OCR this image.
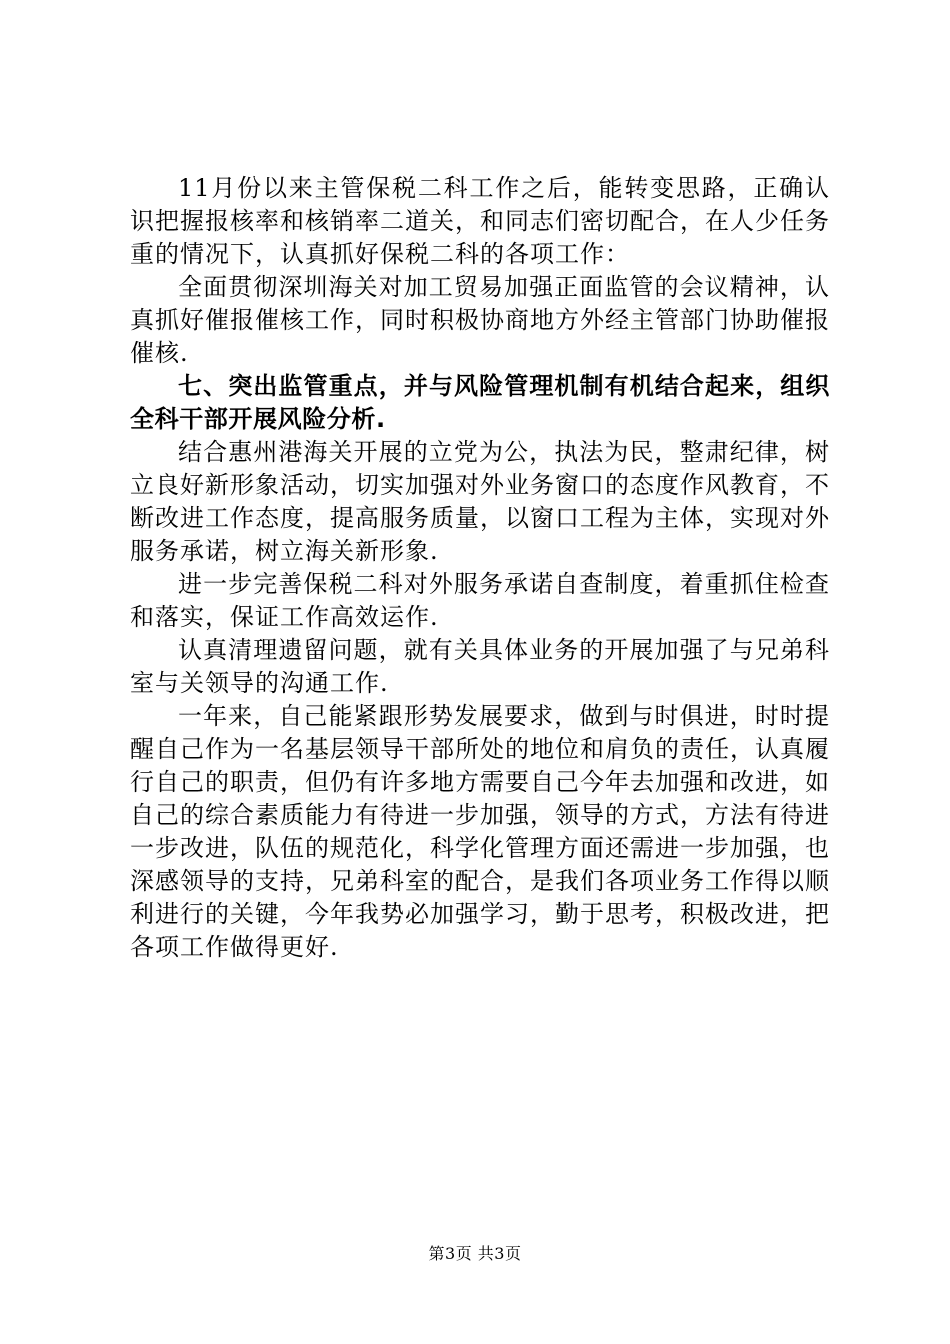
11月份以来主管保税二科工作之后，能转变思路，正确认识把握报核率和核销率二道关，和同志们密切配合，在人少任务重的情况下，认真抓好保税二科的各项工作：

全面贯彻深圳海关对加工贸易加强正面监管的会议精神，认真抓好催报催核工作，同时积极协商地方外经主管部门协助催报催核.

七、突出监管重点，并与风险管理机制有机结合起来，组织全科干部开展风险分析.

结合惠州港海关开展的立党为公，执法为民，整肃纪律，树立良好新形象活动，切实加强对外业务窗口的态度作风教育，不断改进工作态度，提高服务质量，以窗口工程为主体，实现对外服务承诺，树立海关新形象.

进一步完善保税二科对外服务承诺自查制度，着重抓住检查和落实，保证工作高效运作.

认真清理遗留问题，就有关具体业务的开展加强了与兄弟科室与关领导的沟通工作.

一年来，自己能紧跟形势发展要求，做到与时俱进，时时提醒自己作为一名基层领导干部所处的地位和肩负的责任，认真履行自己的职责，但仍有许多地方需要自己今年去加强和改进，如自己的综合素质能力有待进一步加强，领导的方式，方法有待进一步改进，队伍的规范化，科学化管理方面还需进一步加强，也深感领导的支持，兄弟科室的配合，是我们各项业务工作得以顺利进行的关键，今年我势必加强学习，勤于思考，积极改进，把各项工作做得更好.

第3页 共3页
